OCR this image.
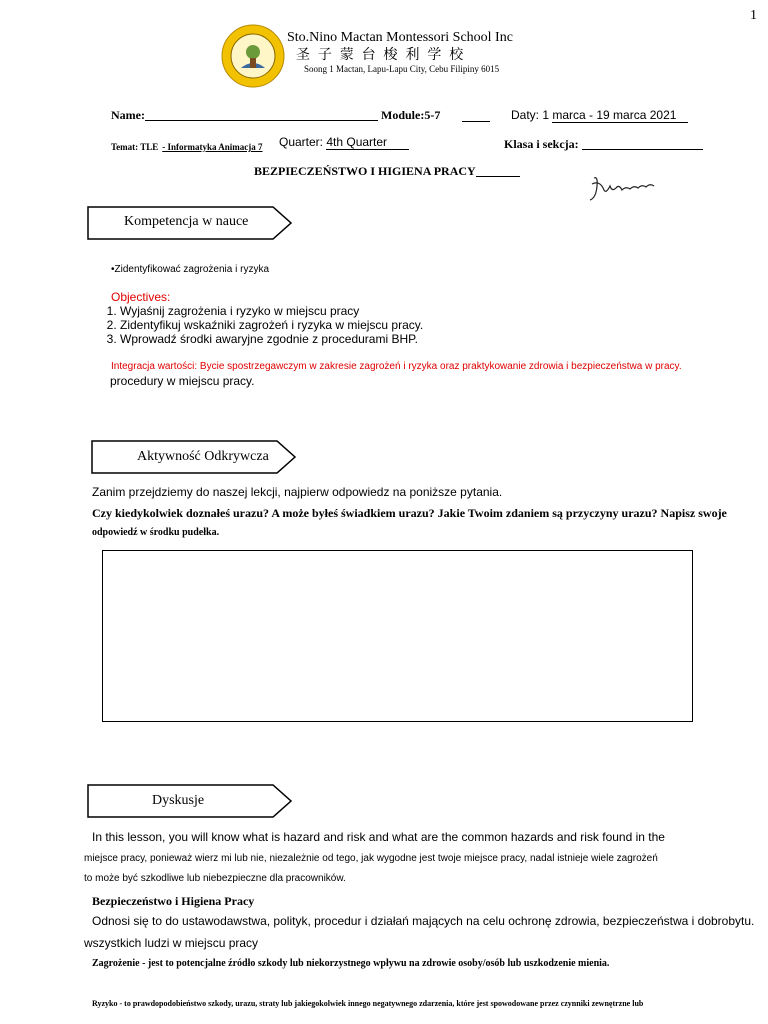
1
Sto.Nino Mactan Montessori School Inc
圣 子 蒙 台 梭 利 学 校
Soong 1 Mactan, Lapu-Lapu City, Cebu Filipiny 6015
Name:	Module:5-7	Daty: 1 marca - 19 marca 2021
Temat: TLE - Informatyka Animacja 7 Quarter: 4th Quarter	Klasa i sekcja:
BEZPIECZEŃSTWO I HIGIENA PRACY
Kompetencja w nauce
•Zidentyfikować zagrożenia i ryzyka
Objectives:
1. Wyjaśnij zagrożenia i ryzyko w miejscu pracy
2. Zidentyfikuj wskaźniki zagrożeń i ryzyka w miejscu pracy.
3. Wprowadź środki awaryjne zgodnie z procedurami BHP.
Integracja wartości: Bycie spostrzegawczym w zakresie zagrożeń i ryzyka oraz praktykowanie zdrowia i bezpieczeństwa w pracy.
procedury w miejscu pracy.
Aktywność Odkrywcza
Zanim przejdziemy do naszej lekcji, najpierw odpowiedz na poniższe pytania.
Czy kiedykolwiek doznałeś urazu? A może byłeś świadkiem urazu? Jakie Twoim zdaniem są przyczyny urazu? Napisz swoje
odpowiedź w środku pudełka.
Dyskusje
In this lesson, you will know what is hazard and risk and what are the common hazards and risk found in the
miejsce pracy, ponieważ wierz mi lub nie, niezależnie od tego, jak wygodne jest twoje miejsce pracy, nadal istnieje wiele zagrożeń
to może być szkodliwe lub niebezpieczne dla pracowników.
Bezpieczeństwo i Higiena Pracy
Odnosi się to do ustawodawstwa, polityk, procedur i działań mających na celu ochronę zdrowia, bezpieczeństwa i dobrobytu.
wszystkich ludzi w miejscu pracy
Zagrożenie - jest to potencjalne źródło szkody lub niekorzystnego wpływu na zdrowie osoby/osób lub uszkodzenie mienia.
Ryzyko - to prawdopodobieństwo szkody, urazu, straty lub jakiegokolwiek innego negatywnego zdarzenia, które jest spowodowane przez czynniki zewnętrzne lub
